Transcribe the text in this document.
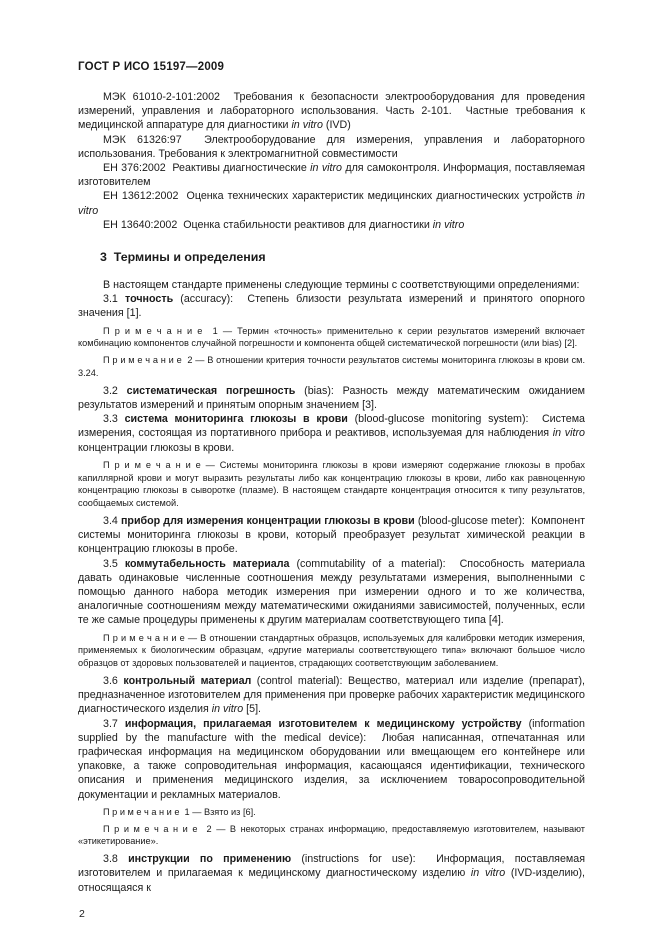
ГОСТ Р ИСО 15197—2009
МЭК 61010-2-101:2002  Требования к безопасности электрооборудования для проведения измерений, управления и лабораторного использования. Часть 2-101.  Частные требования к медицинской аппаратуре для диагностики in vitro (IVD)
МЭК 61326:97  Электрооборудование для измерения, управления и лабораторного использования. Требования к электромагнитной совместимости
ЕН 376:2002  Реактивы диагностические in vitro для самоконтроля. Информация, поставляемая изготовителем
ЕН 13612:2002  Оценка технических характеристик медицинских диагностических устройств in vitro
ЕН 13640:2002  Оценка стабильности реактивов для диагностики in vitro
3  Термины и определения
В настоящем стандарте применены следующие термины с соответствующими определениями:
3.1 точность (accuracy):  Степень близости результата измерений и принятого опорного значения [1].
П р и м е ч а н и е  1 — Термин «точность» применительно к серии результатов измерений включает комбинацию компонентов случайной погрешности и компонента общей систематической погрешности (или bias) [2].
П р и м е ч а н и е  2 — В отношении критерия точности результатов системы мониторинга глюкозы в крови см. 3.24.
3.2 систематическая погрешность (bias): Разность между математическим ожиданием результатов измерений и принятым опорным значением [3].
3.3 система мониторинга глюкозы в крови (blood-glucose monitoring system):  Система измерения, состоящая из портативного прибора и реактивов, используемая для наблюдения in vitro концентрации глюкозы в крови.
П р и м е ч а н и е — Системы мониторинга глюкозы в крови измеряют содержание глюкозы в пробах капиллярной крови и могут выразить результаты либо как концентрацию глюкозы в крови, либо как равноценную концентрацию глюкозы в сыворотке (плазме). В настоящем стандарте концентрация относится к типу результатов, сообщаемых системой.
3.4 прибор для измерения концентрации глюкозы в крови (blood-glucose meter):  Компонент системы мониторинга глюкозы в крови, который преобразует результат химической реакции в концентрацию глюкозы в пробе.
3.5 коммутабельность материала (commutability of a material):  Способность материала давать одинаковые численные соотношения между результатами измерения, выполненными с помощью данного набора методик измерения при измерении одного и то же количества, аналогичные соотношениям между математическими ожиданиями зависимостей, полученных, если те же самые процедуры применены к другим материалам соответствующего типа [4].
П р и м е ч а н и е — В отношении стандартных образцов, используемых для калибровки методик измерения, применяемых к биологическим образцам, «другие материалы соответствующего типа» включают большое число образцов от здоровых пользователей и пациентов, страдающих соответствующим заболеванием.
3.6 контрольный материал (control material): Вещество, материал или изделие (препарат), предназначенное изготовителем для применения при проверке рабочих характеристик медицинского диагностического изделия in vitro [5].
3.7 информация, прилагаемая изготовителем к медицинскому устройству (information supplied by the manufacture with the medical device):  Любая написанная, отпечатанная или графическая информация на медицинском оборудовании или вмещающем его контейнере или упаковке, а также сопроводительная информация, касающаяся идентификации, технического описания и применения медицинского изделия, за исключением товаросопроводительной документации и рекламных материалов.
П р и м е ч а н и е  1 — Взято из [6].
П р и м е ч а н и е  2 — В некоторых странах информацию, предоставляемую изготовителем, называют «этикетирование».
3.8 инструкции по применению (instructions for use):  Информация, поставляемая изготовителем и прилагаемая к медицинскому диагностическому изделию in vitro (IVD-изделию), относящаяся к
2
